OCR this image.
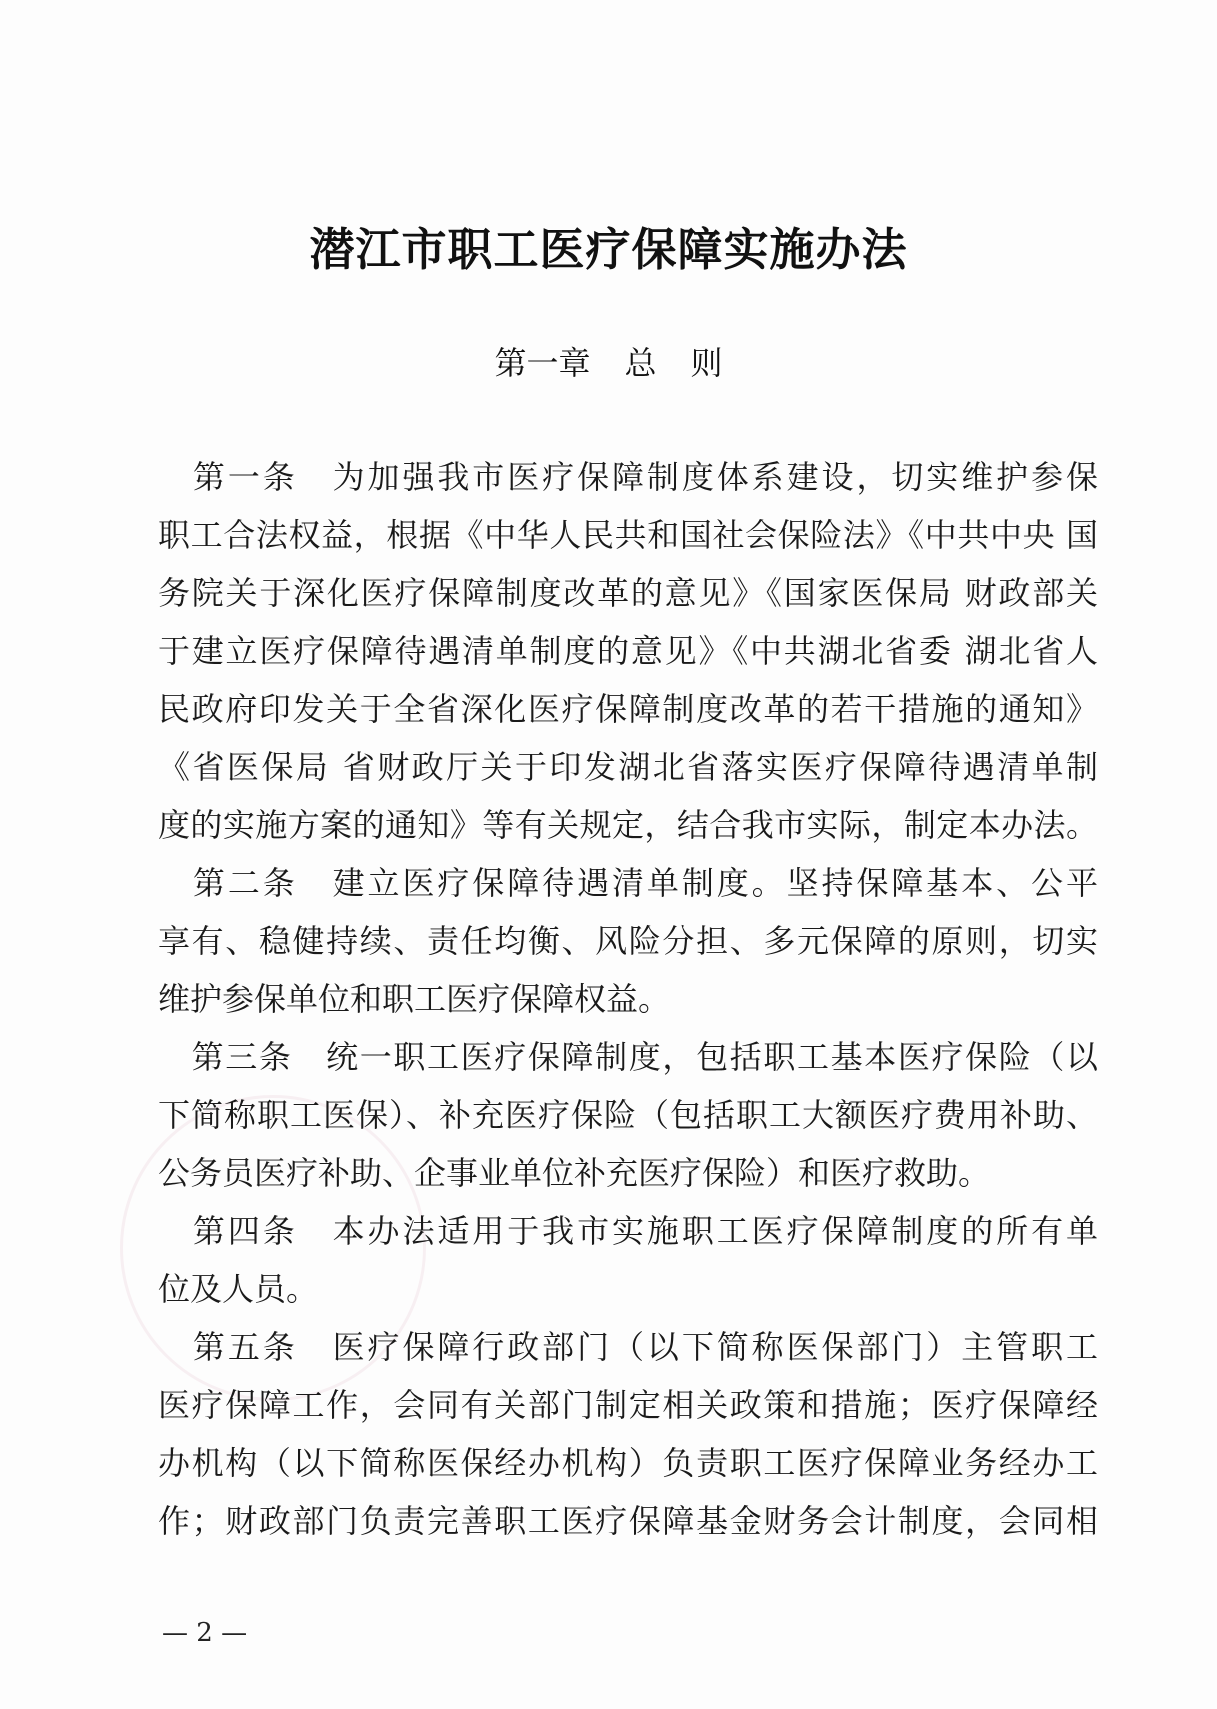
潜江市职工医疗保障实施办法
第一章 总 则
　第一条　为加强我市医疗保障制度体系建设，切实维护参保
职工合法权益，根据《中华人民共和国社会保险法》《中共中央 国
务院关于深化医疗保障制度改革的意见》《国家医保局 财政部关
于建立医疗保障待遇清单制度的意见》《中共湖北省委 湖北省人
民政府印发关于全省深化医疗保障制度改革的若干措施的通知》
《省医保局 省财政厅关于印发湖北省落实医疗保障待遇清单制
度的实施方案的通知》等有关规定，结合我市实际，制定本办法。
　第二条　建立医疗保障待遇清单制度。坚持保障基本、公平
享有、稳健持续、责任均衡、风险分担、多元保障的原则，切实
维护参保单位和职工医疗保障权益。
　第三条　统一职工医疗保障制度，包括职工基本医疗保险（以
下简称职工医保）、补充医疗保险（包括职工大额医疗费用补助、
公务员医疗补助、企事业单位补充医疗保险）和医疗救助。
　第四条　本办法适用于我市实施职工医疗保障制度的所有单
位及人员。
　第五条　医疗保障行政部门（以下简称医保部门）主管职工
医疗保障工作，会同有关部门制定相关政策和措施；医疗保障经
办机构（以下简称医保经办机构）负责职工医疗保障业务经办工
作；财政部门负责完善职工医疗保障基金财务会计制度，会同相
— 2 —
